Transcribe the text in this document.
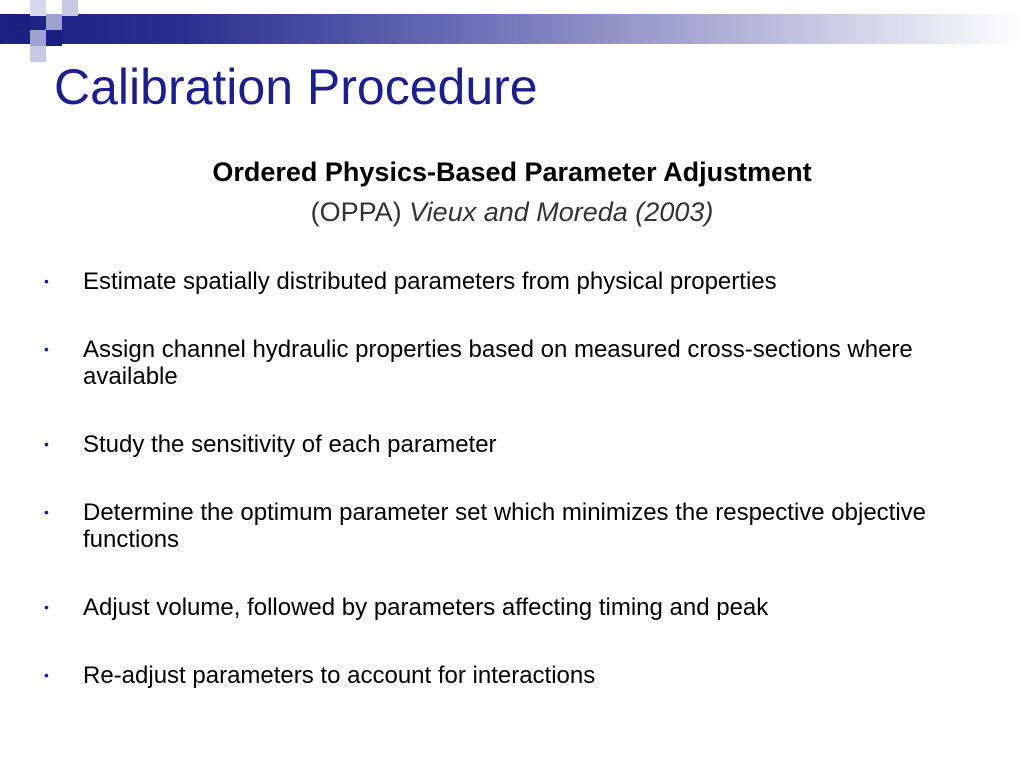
Calibration Procedure
Ordered Physics-Based Parameter Adjustment
(OPPA) Vieux and Moreda (2003)
• Estimate spatially distributed parameters from physical properties
• Assign channel hydraulic properties based on measured cross-sections where available
• Study the sensitivity of each parameter
• Determine the optimum parameter set which minimizes the respective objective functions
• Adjust volume, followed by parameters affecting timing and peak
• Re-adjust parameters to account for interactions
